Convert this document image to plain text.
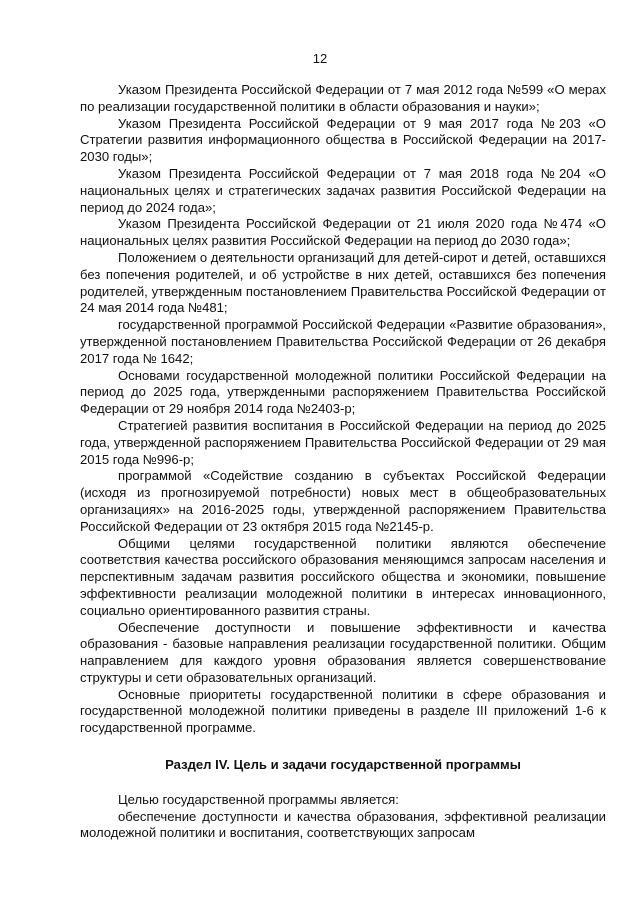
12

Указом Президента Российской Федерации от 7 мая 2012 года №599 «О мерах по реализации государственной политики в области образования и науки»;

Указом Президента Российской Федерации от 9 мая 2017 года №203 «О Стратегии развития информационного общества в Российской Федерации на 2017-2030 годы»;

Указом Президента Российской Федерации от 7 мая 2018 года №204 «О национальных целях и стратегических задачах развития Российской Федерации на период до 2024 года»;

Указом Президента Российской Федерации от 21 июля 2020 года №474 «О национальных целях развития Российской Федерации на период до 2030 года»;

Положением о деятельности организаций для детей-сирот и детей, оставшихся без попечения родителей, и об устройстве в них детей, оставшихся без попечения родителей, утвержденным постановлением Правительства Российской Федерации от 24 мая 2014 года №481;

государственной программой Российской Федерации «Развитие образования», утвержденной постановлением Правительства Российской Федерации от 26 декабря 2017 года № 1642;

Основами государственной молодежной политики Российской Федерации на период до 2025 года, утвержденными распоряжением Правительства Российской Федерации от 29 ноября 2014 года №2403-р;

Стратегией развития воспитания в Российской Федерации на период до 2025 года, утвержденной распоряжением Правительства Российской Федерации от 29 мая 2015 года №996-р;

программой «Содействие созданию в субъектах Российской Федерации (исходя из прогнозируемой потребности) новых мест в общеобразовательных организациях» на 2016-2025 годы, утвержденной распоряжением Правительства Российской Федерации от 23 октября 2015 года №2145-р.

Общими целями государственной политики являются обеспечение соответствия качества российского образования меняющимся запросам населения и перспективным задачам развития российского общества и экономики, повышение эффективности реализации молодежной политики в интересах инновационного, социально ориентированного развития страны.

Обеспечение доступности и повышение эффективности и качества образования - базовые направления реализации государственной политики. Общим направлением для каждого уровня образования является совершенствование структуры и сети образовательных организаций.

Основные приоритеты государственной политики в сфере образования и государственной молодежной политики приведены в разделе III приложений 1-6 к государственной программе.

Раздел IV. Цель и задачи государственной программы

Целью государственной программы является:

обеспечение доступности и качества образования, эффективной реализации молодежной политики и воспитания, соответствующих запросам
